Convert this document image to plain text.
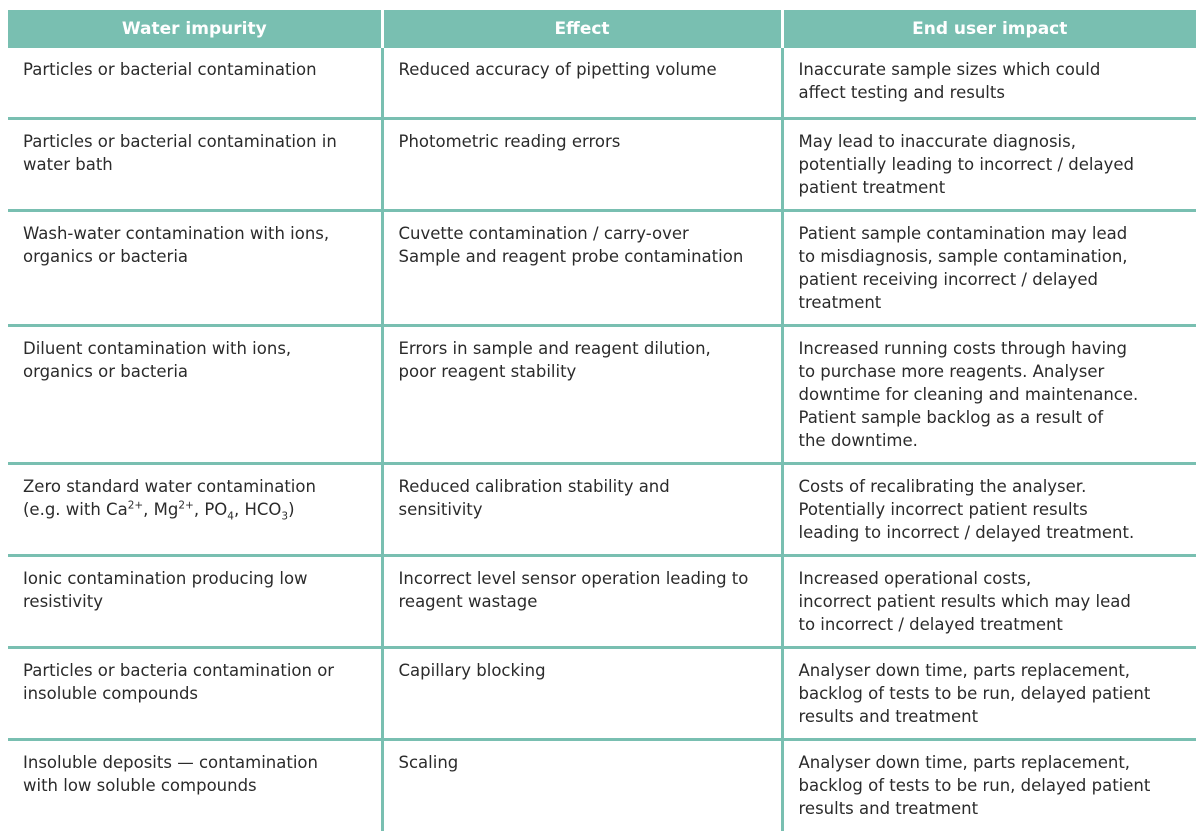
Water impurity	Effect	End user impact

Particles or bacterial contamination	Reduced accuracy of pipetting volume	Inaccurate sample sizes which could
affect testing and results

Particles or bacterial contamination in
water bath	Photometric reading errors	May lead to inaccurate diagnosis,
potentially leading to incorrect / delayed
patient treatment

Wash-water contamination with ions,
organics or bacteria	Cuvette contamination / carry-over
Sample and reagent probe contamination	Patient sample contamination may lead
to misdiagnosis, sample contamination,
patient receiving incorrect / delayed
treatment

Diluent contamination with ions,
organics or bacteria	Errors in sample and reagent dilution,
poor reagent stability	Increased running costs through having
to purchase more reagents. Analyser
downtime for cleaning and maintenance.
Patient sample backlog as a result of
the downtime.

Zero standard water contamination
(e.g. with $Ca^{2+}$, $Mg^{2+}$, $PO_4$, $HCO_3$)	Reduced calibration stability and
sensitivity	Costs of recalibrating the analyser.
Potentially incorrect patient results
leading to incorrect / delayed treatment.

Ionic contamination producing low
resistivity	Incorrect level sensor operation leading to
reagent wastage	Increased operational costs,
incorrect patient results which may lead
to incorrect / delayed treatment

Particles or bacteria contamination or
insoluble compounds	Capillary blocking	Analyser down time, parts replacement,
backlog of tests to be run, delayed patient
results and treatment

Insoluble deposits — contamination
with low soluble compounds	Scaling	Analyser down time, parts replacement,
backlog of tests to be run, delayed patient
results and treatment
